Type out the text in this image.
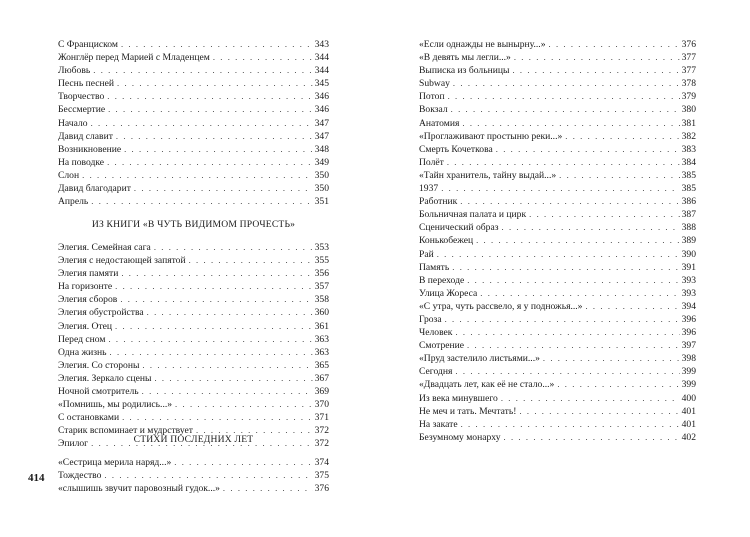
С Франциском . . .	343
Жонглёр перед Марией с Младенцем . . .	344
Любовь . . .	344
Песнь песней . . .	345
Творчество . . .	346
Бессмертие . . .	346
Начало . . .	347
Давид славит . . .	347
Возникновение . . .	348
На поводке . . .	349
Слон . . .	350
Давид благодарит . . .	350
Апрель . . .	351
ИЗ КНИГИ «В ЧУТЬ ВИДИМОМ ПРОЧЕСТЬ»
Элегия. Семейная сага . . .	353
Элегия с недостающей запятой . . .	355
Элегия памяти . . .	356
На горизонте . . .	357
Элегия сборов . . .	358
Элегия обустройства . . .	360
Элегия. Отец . . .	361
Перед сном . . .	363
Одна жизнь . . .	363
Элегия. Со стороны . . .	365
Элегия. Зеркало сцены . . .	367
Ночной смотритель . . .	369
«Помнишь, мы родились...» . . .	370
С остановками . . .	371
Старик вспоминает и мудрствует . . .	372
Эпилог . . .	372
СТИХИ ПОСЛЕДНИХ ЛЕТ
«Сестрица мерила наряд...» . . .	374
Тождество . . .	375
«слышишь звучит паровозный гудок...» . . .	376
414
«Если однажды не вынырну...» . . .	376
«В девять мы легли...» . . .	377
Выписка из больницы . . .	377
Subway . . .	378
Потоп . . .	379
Вокзал . . .	380
Анатомия . . .	381
«Проглаживают простыню реки...» . . .	382
Смерть Кочеткова . . .	383
Полёт . . .	384
«Тайн хранитель, тайну выдай...» . . .	385
1937 . . .	385
Работник . . .	386
Больничная палата и цирк . . .	387
Сценический образ . . .	388
Конькобежец . . .	389
Рай . . .	390
Память . . .	391
В переходе . . .	393
Улица Жореса . . .	393
«С утра, чуть рассвело, я у подножья...» . . .	394
Гроза . . .	396
Человек . . .	396
Смотрение . . .	397
«Пруд застелило листьями...» . . .	398
Сегодня . . .	399
«Двадцать лет, как её не стало...» . . .	399
Из века минувшего . . .	400
Не меч и тать. Мечтать! . . .	401
На закате . . .	401
Безумному монарху . . .	402
